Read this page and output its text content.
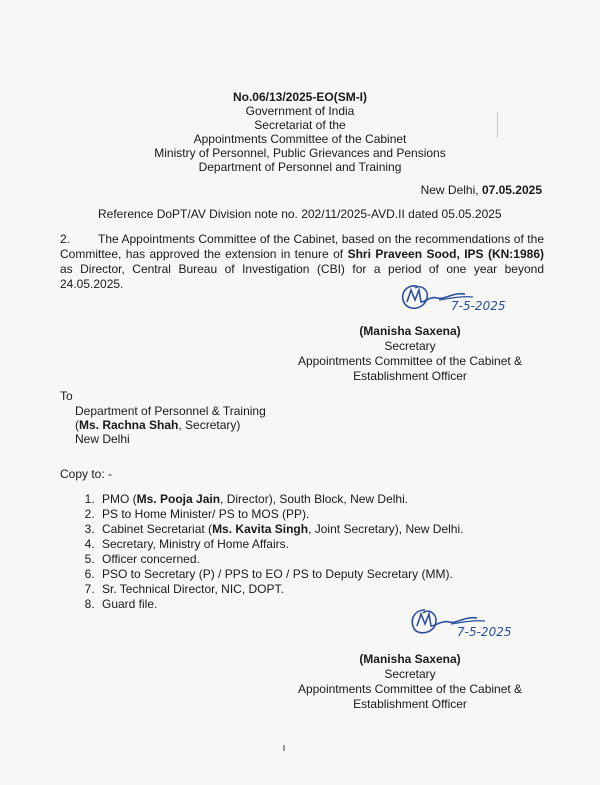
No.06/13/2025-EO(SM-I)
Government of India
Secretariat of the
Appointments Committee of the Cabinet
Ministry of Personnel, Public Grievances and Pensions
Department of Personnel and Training
New Delhi, 07.05.2025
Reference DoPT/AV Division note no. 202/11/2025-AVD.II dated 05.05.2025
2.	The Appointments Committee of the Cabinet, based on the recommendations of the Committee, has approved the extension in tenure of Shri Praveen Sood, IPS (KN:1986) as Director, Central Bureau of Investigation (CBI) for a period of one year beyond 24.05.2025.
7-5-2025
(Manisha Saxena)
Secretary
Appointments Committee of the Cabinet &
Establishment Officer
To
Department of Personnel & Training
(Ms. Rachna Shah, Secretary)
New Delhi
Copy to: -
1. PMO (Ms. Pooja Jain, Director), South Block, New Delhi.
2. PS to Home Minister/ PS to MOS (PP).
3. Cabinet Secretariat (Ms. Kavita Singh, Joint Secretary), New Delhi.
4. Secretary, Ministry of Home Affairs.
5. Officer concerned.
6. PSO to Secretary (P) / PPS to EO / PS to Deputy Secretary (MM).
7. Sr. Technical Director, NIC, DOPT.
8. Guard file.
7-5-2025
(Manisha Saxena)
Secretary
Appointments Committee of the Cabinet &
Establishment Officer
